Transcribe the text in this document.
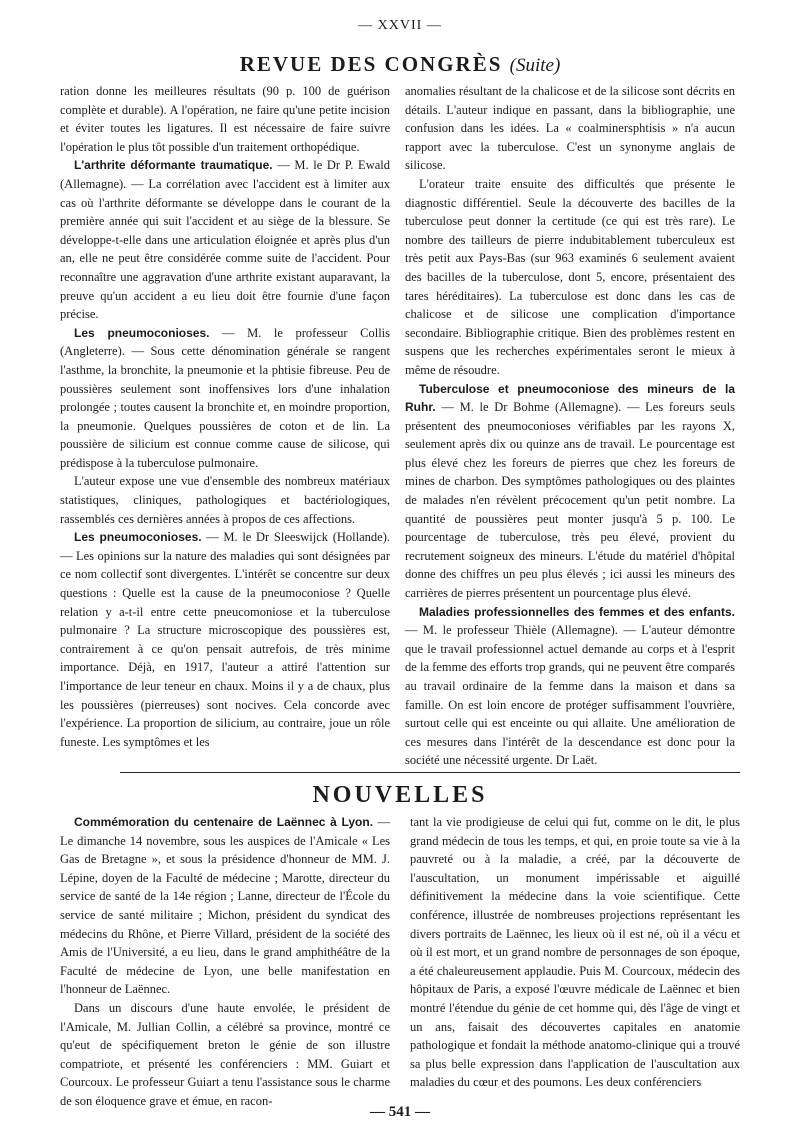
— XXVII —
REVUE DES CONGRÈS (Suite)

ration donne les meilleures résultats (90 p. 100 de guérison complète et durable). A l'opération, ne faire qu'une petite incision et éviter toutes les ligatures. Il est nécessaire de faire suivre l'opération le plus tôt possible d'un traitement orthopédique.

L'arthrite déformante traumatique. — M. le Dr P. Ewald (Allemagne). — La corrélation avec l'accident est à limiter aux cas où l'arthrite déformante se développe dans le courant de la première année qui suit l'accident et au siège de la blessure. Se développe-t-elle dans une articulation éloignée et après plus d'un an, elle ne peut être considérée comme suite de l'accident. Pour reconnaître une aggravation d'une arthrite existant auparavant, la preuve qu'un accident a eu lieu doit être fournie d'une façon précise.

Les pneumoconioses. — M. le professeur Collis (Angleterre). — Sous cette dénomination générale se rangent l'asthme, la bronchite, la pneumonie et la phtisie fibreuse. Peu de poussières seulement sont inoffensives lors d'une inhalation prolongée ; toutes causent la bronchite et, en moindre proportion, la pneumonie. Quelques poussières de coton et de lin. La poussière de silicium est connue comme cause de silicose, qui prédispose à la tuberculose pulmonaire.

L'auteur expose une vue d'ensemble des nombreux matériaux statistiques, cliniques, pathologiques et bactériologiques, rassemblés ces dernières années à propos de ces affections.

Les pneumoconioses. — M. le Dr Sleeswijck (Hollande). — Les opinions sur la nature des maladies qui sont désignées par ce nom collectif sont divergentes. L'intérêt se concentre sur deux questions : Quelle est la cause de la pneumoconiose ? Quelle relation y a-t-il entre cette pneucomoniose et la tuberculose pulmonaire ? La structure microscopique des poussières est, contrairement à ce qu'on pensait autrefois, de très minime importance. Déjà, en 1917, l'auteur a attiré l'attention sur l'importance de leur teneur en chaux. Moins il y a de chaux, plus les poussières (pierreuses) sont nocives. Cela concorde avec l'expérience. La proportion de silicium, au contraire, joue un rôle funeste. Les symptômes et les

anomalies résultant de la chalicose et de la silicose sont décrits en détails. L'auteur indique en passant, dans la bibliographie, une confusion dans les idées. La « coalminersphtisis » n'a aucun rapport avec la tuberculose. C'est un synonyme anglais de silicose.

L'orateur traite ensuite des difficultés que présente le diagnostic différentiel. Seule la découverte des bacilles de la tuberculose peut donner la certitude (ce qui est très rare). Le nombre des tailleurs de pierre indubitablement tuberculeux est très petit aux Pays-Bas (sur 963 examinés 6 seulement avaient des bacilles de la tuberculose, dont 5, encore, présentaient des tares héréditaires). La tuberculose est donc dans les cas de chalicose et de silicose une complication d'importance secondaire. Bibliographie critique. Bien des problèmes restent en suspens que les recherches expérimentales seront le mieux à même de résoudre.

Tuberculose et pneumoconiose des mineurs de la Ruhr. — M. le Dr Bohme (Allemagne). — Les foreurs seuls présentent des pneumoconioses vérifiables par les rayons X, seulement après dix ou quinze ans de travail. Le pourcentage est plus élevé chez les foreurs de pierres que chez les foreurs de mines de charbon. Des symptômes pathologiques ou des plaintes de malades n'en révèlent précocement qu'un petit nombre. La quantité de poussières peut monter jusqu'à 5 p. 100. Le pourcentage de tuberculose, très peu élevé, provient du recrutement soigneux des mineurs. L'étude du matériel d'hôpital donne des chiffres un peu plus élevés ; ici aussi les mineurs des carrières de pierres présentent un pourcentage plus élevé.

Maladies professionnelles des femmes et des enfants. — M. le professeur Thièle (Allemagne). — L'auteur démontre que le travail professionnel actuel demande au corps et à l'esprit de la femme des efforts trop grands, qui ne peuvent être comparés au travail ordinaire de la femme dans la maison et dans sa famille. On est loin encore de protéger suffisamment l'ouvrière, surtout celle qui est enceinte ou qui allaite. Une amélioration de ces mesures dans l'intérêt de la descendance est donc pour la société une nécessité urgente. Dr Laët.

NOUVELLES

Commémoration du centenaire de Laënnec à Lyon. — Le dimanche 14 novembre, sous les auspices de l'Amicale « Les Gas de Bretagne », et sous la présidence d'honneur de MM. J. Lépine, doyen de la Faculté de médecine ; Marotte, directeur du service de santé de la 14e région ; Lanne, directeur de l'École du service de santé militaire ; Michon, président du syndicat des médecins du Rhône, et Pierre Villard, président de la société des Amis de l'Université, a eu lieu, dans le grand amphithéâtre de la Faculté de médecine de Lyon, une belle manifestation en l'honneur de Laënnec.

Dans un discours d'une haute envolée, le président de l'Amicale, M. Jullian Collin, a célébré sa province, montré ce qu'eut de spécifiquement breton le génie de son illustre compatriote, et présenté les conférenciers : MM. Guiart et Courcoux. Le professeur Guiart a tenu l'assistance sous le charme de son éloquence grave et émue, en racon-

tant la vie prodigieuse de celui qui fut, comme on le dit, le plus grand médecin de tous les temps, et qui, en proie toute sa vie à la pauvreté ou à la maladie, a créé, par la découverte de l'auscultation, un monument impérissable et aiguillé définitivement la médecine dans la voie scientifique. Cette conférence, illustrée de nombreuses projections représentant les divers portraits de Laënnec, les lieux où il est né, où il a vécu et où il est mort, et un grand nombre de personnages de son époque, a été chaleureusement applaudie. Puis M. Courcoux, médecin des hôpitaux de Paris, a exposé l'œuvre médicale de Laënnec et bien montré l'étendue du génie de cet homme qui, dès l'âge de vingt et un ans, faisait des découvertes capitales en anatomie pathologique et fondait la méthode anatomo-clinique qui a trouvé sa plus belle expression dans l'application de l'auscultation aux maladies du cœur et des poumons. Les deux conférenciers

— 541 —
